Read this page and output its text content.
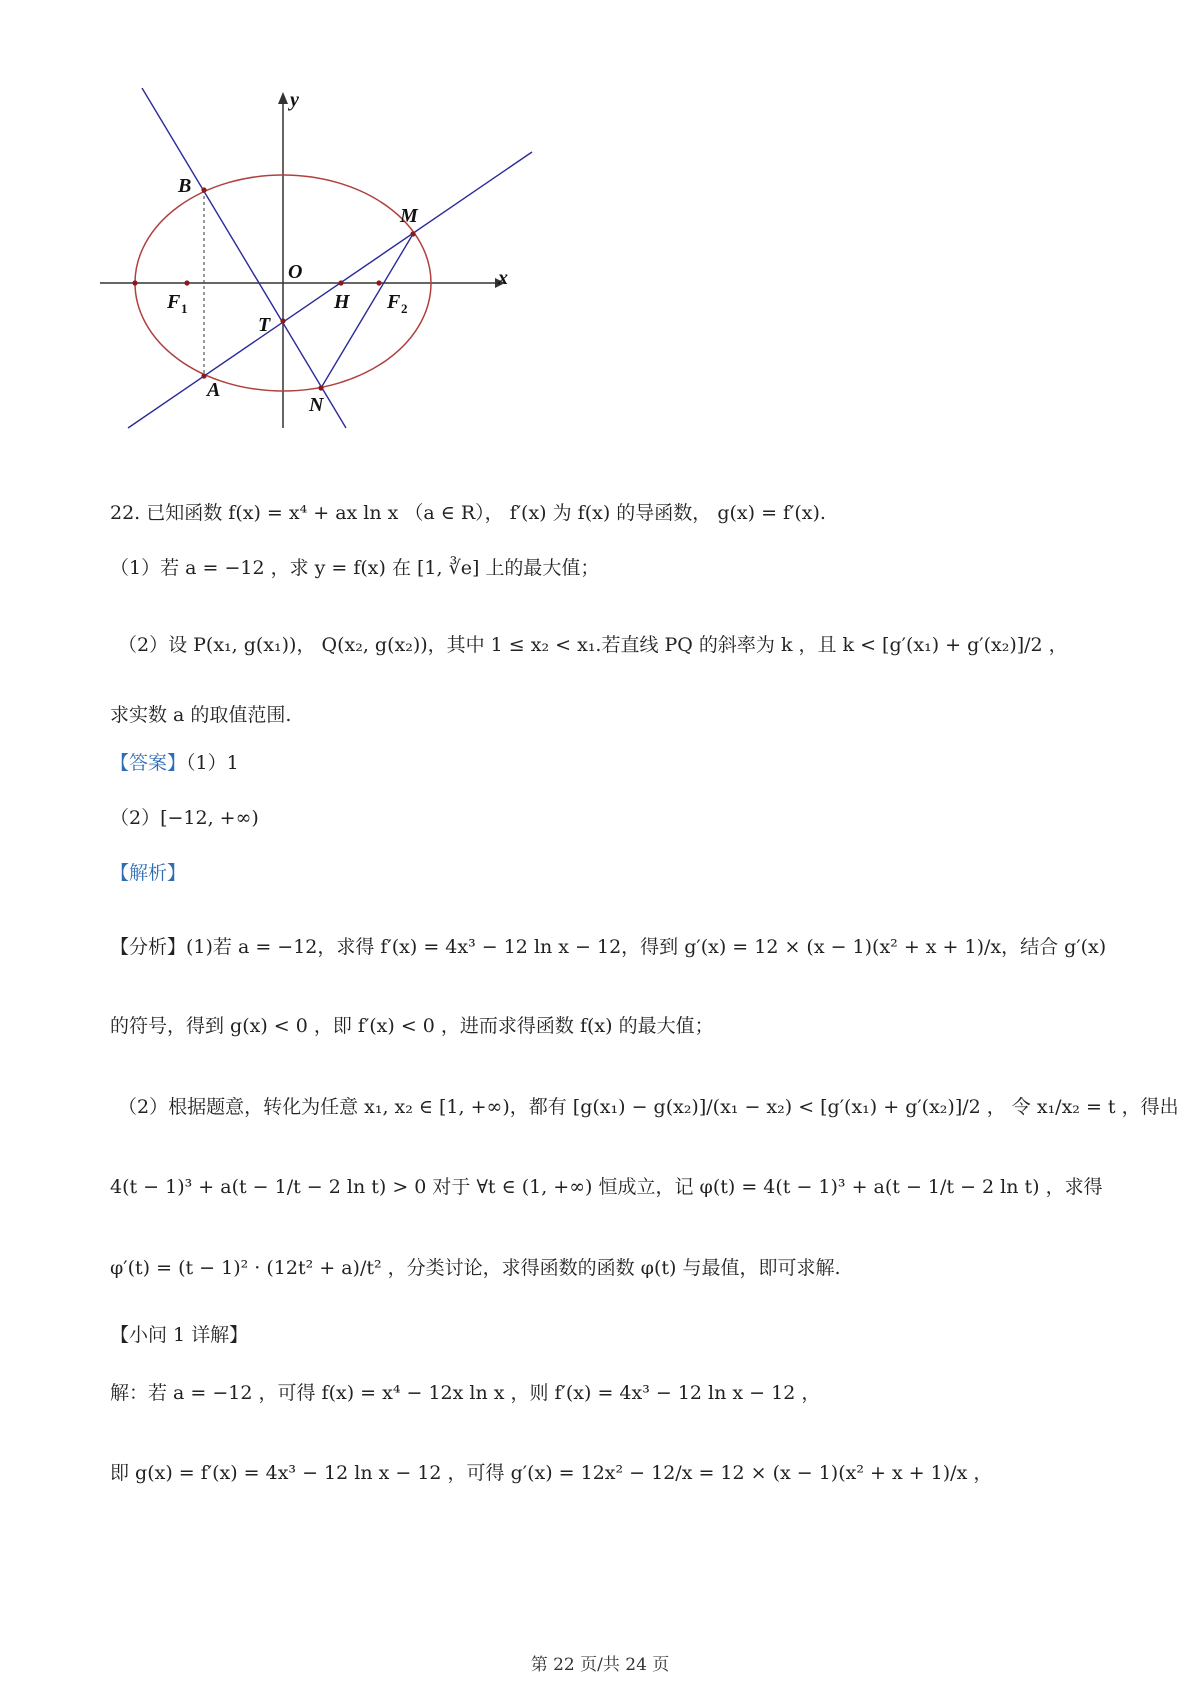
y
x
O
B
M
H
T
A
N
F 1	F 2
22. 已知函数 f(x) = x⁴ + ax ln x （a ∈ R）， f′(x) 为 f(x) 的导函数， g(x) = f′(x).
（1）若 a = −12 ，求 y = f(x) 在 [1, ∛e] 上的最大值；
（2）设 P(x₁, g(x₁))， Q(x₂, g(x₂))，其中 1 ≤ x₂ < x₁.若直线 PQ 的斜率为 k ，且 k < [g′(x₁) + g′(x₂)]/2 ，
求实数 a 的取值范围.
【答案】（1）1
（2）[−12, +∞)
【解析】
【分析】(1)若 a = −12，求得 f′(x) = 4x³ − 12 ln x − 12，得到 g′(x) = 12 × (x − 1)(x² + x + 1)/x，结合 g′(x)
的符号，得到 g(x) < 0 ，即 f′(x) < 0 ，进而求得函数 f(x) 的最大值；
（2）根据题意，转化为任意 x₁, x₂ ∈ [1, +∞)，都有 [g(x₁) − g(x₂)]/(x₁ − x₂) < [g′(x₁) + g′(x₂)]/2 ， 令 x₁/x₂ = t ，得出
4(t − 1)³ + a(t − 1/t − 2 ln t) > 0 对于 ∀t ∈ (1, +∞) 恒成立，记 φ(t) = 4(t − 1)³ + a(t − 1/t − 2 ln t) ，求得
φ′(t) = (t − 1)² · (12t² + a)/t² ，分类讨论，求得函数的函数 φ(t) 与最值，即可求解.
【小问 1 详解】
解：若 a = −12 ，可得 f(x) = x⁴ − 12x ln x ，则 f′(x) = 4x³ − 12 ln x − 12 ，
即 g(x) = f′(x) = 4x³ − 12 ln x − 12 ，可得 g′(x) = 12x² − 12/x = 12 × (x − 1)(x² + x + 1)/x ，
第 22 页/共 24 页
